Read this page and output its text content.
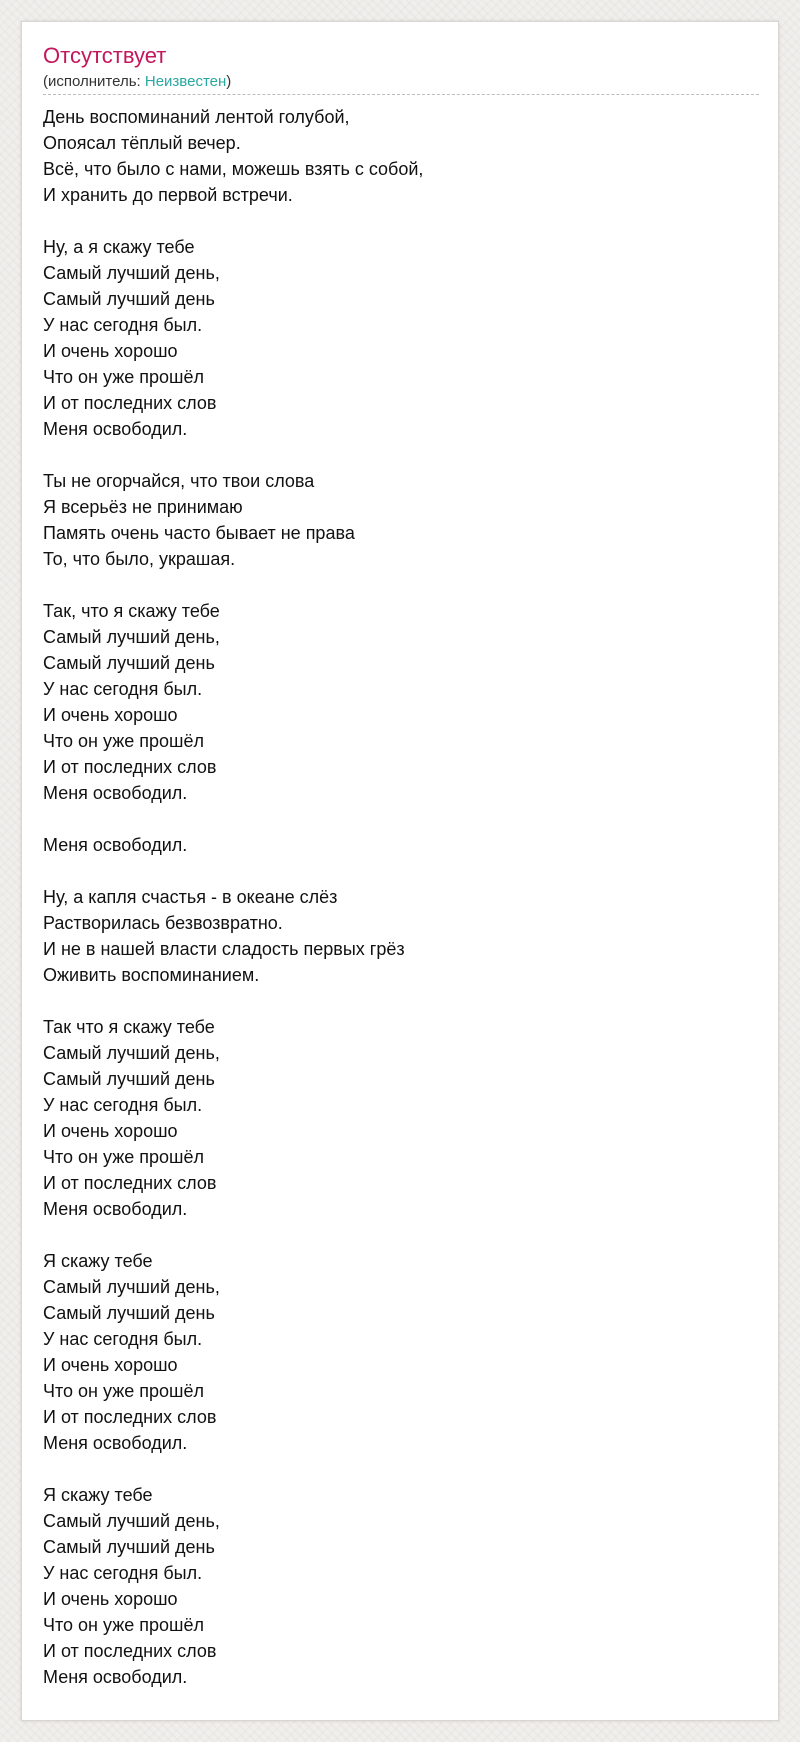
Отсутствует
(исполнитель: Неизвестен)
День воспоминаний лентой голубой,
Опоясал тёплый вечер.
Всё, что было с нами, можешь взять с собой,
И хранить до первой встречи.
Ну, а я скажу тебе
Самый лучший день,
Самый лучший день
У нас сегодня был.
И очень хорошо
Что он уже прошёл
И от последних слов
Меня освободил.
Ты не огорчайся, что твои слова
Я всерьёз не принимаю
Память очень часто бывает не права
То, что было, украшая.
Так, что я скажу тебе
Самый лучший день,
Самый лучший день
У нас сегодня был.
И очень хорошо
Что он уже прошёл
И от последних слов
Меня освободил.
Меня освободил.
Ну, а капля счастья - в океане слёз
Растворилась безвозвратно.
И не в нашей власти сладость первых грёз
Оживить воспоминанием.
Так что я скажу тебе
Самый лучший день,
Самый лучший день
У нас сегодня был.
И очень хорошо
Что он уже прошёл
И от последних слов
Меня освободил.
Я скажу тебе
Самый лучший день,
Самый лучший день
У нас сегодня был.
И очень хорошо
Что он уже прошёл
И от последних слов
Меня освободил.
Я скажу тебе
Самый лучший день,
Самый лучший день
У нас сегодня был.
И очень хорошо
Что он уже прошёл
И от последних слов
Меня освободил.
